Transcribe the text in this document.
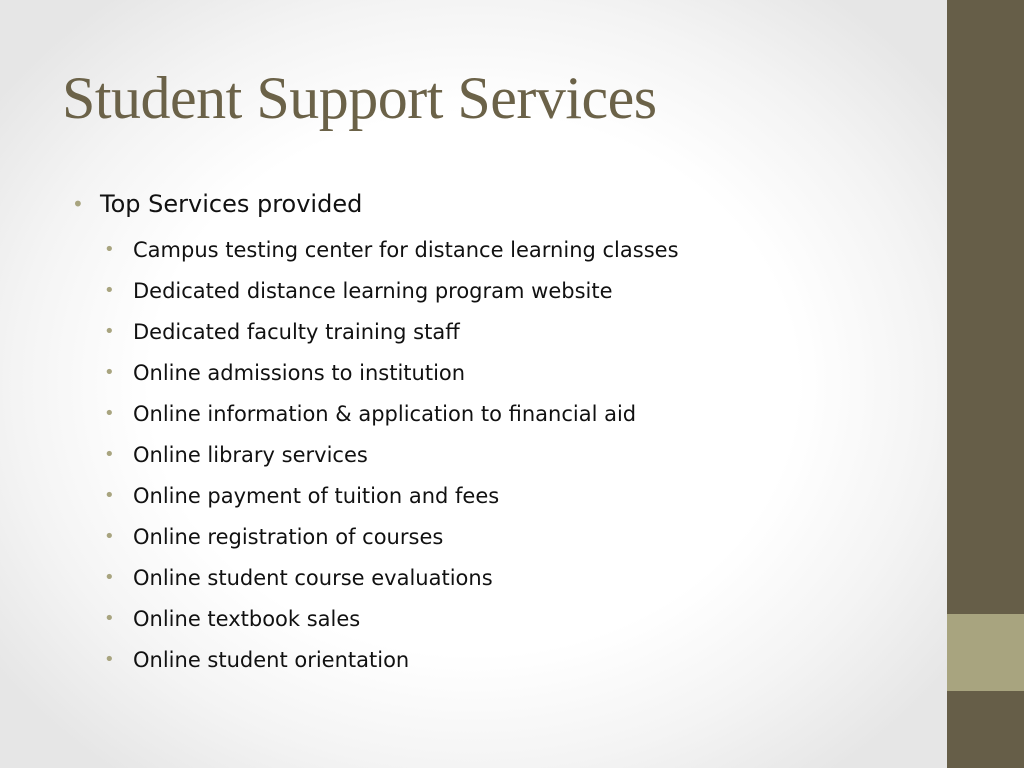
Student Support Services
• Top Services provided
• Campus testing center for distance learning classes
• Dedicated distance learning program website
• Dedicated faculty training staff
• Online admissions to institution
• Online information & application to financial aid
• Online library services
• Online payment of tuition and fees
• Online registration of courses
• Online student course evaluations
• Online textbook sales
• Online student orientation
